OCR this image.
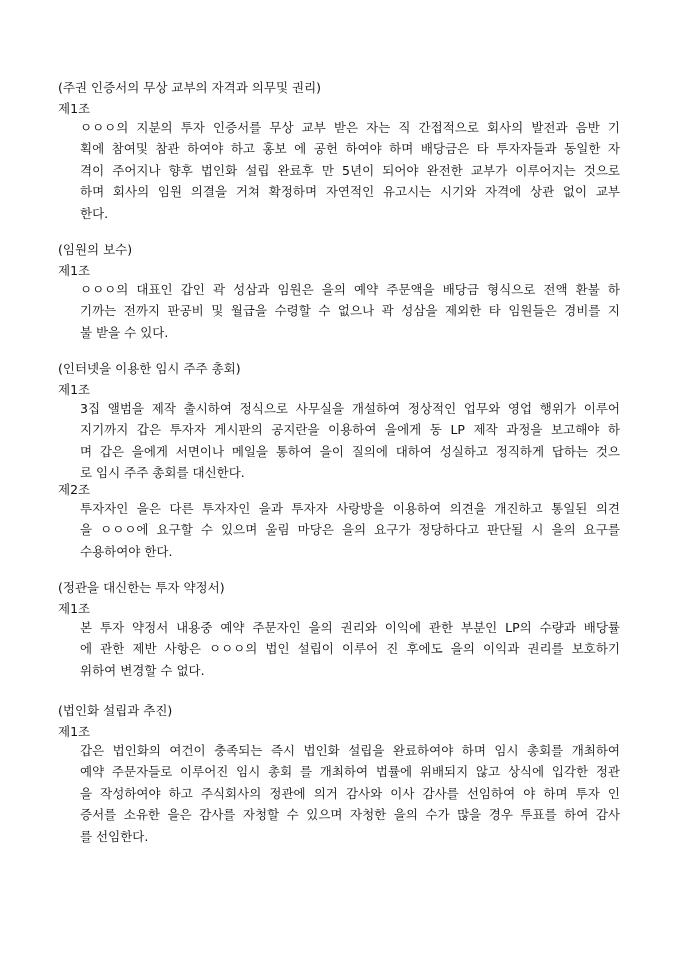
(주권 인증서의 무상 교부의 자격과 의무및 권리)
제1조

ㅇㅇㅇ의 지분의 투자 인증서를 무상 교부 받은 자는 직 간접적으로 회사의 발전과 음반 기
획에 참여및 참관 하여야 하고 홍보 에 공헌 하여야 하며 배당금은 타 투자자들과 동일한 자
격이 주어지나 향후 법인화 설립 완료후 만 5년이 되어야 완전한 교부가 이루어지는 것으로
하며 회사의 임원 의결을 거쳐 확정하며 자연적인 유고시는 시기와 자격에 상관 없이 교부
한다.

(임원의 보수)
제1조

ㅇㅇㅇ의 대표인 갑인 곽 성삼과 임원은 을의 예약 주문액을 배당금 형식으로 전액 환불 하
기까는 전까지 판공비 및 월급을 수령할 수 없으나 곽 성삼을 제외한 타 임원들은 경비를 지
불 받을 수 있다.

(인터넷을 이용한 임시 주주 총회)
제1조

3집 앨범을 제작 출시하여 정식으로 사무실을 개설하여 정상적인 업무와 영업 행위가 이루어
지기까지 갑은 투자자 게시판의 공지란을 이용하여 을에게 동 LP 제작 과정을 보고해야 하
며 갑은 을에게 서면이나 메일을 통하여 을이 질의에 대하여 성실하고 정직하게 답하는 것으
로 임시 주주 총회를 대신한다.

제2조

투자자인 을은 다른 투자자인 을과 투자자 사랑방을 이용하여 의견을 개진하고 통일된 의견
을 ㅇㅇㅇ에 요구할 수 있으며 울림 마당은 을의 요구가 정당하다고 판단될 시 을의 요구를
수용하여야 한다.

(정관을 대신한는 투자 약정서)
제1조

본 투자 약정서 내용중 예약 주문자인 을의 권리와 이익에 관한 부분인 LP의 수량과 배당률
에 관한 제반 사항은 ㅇㅇㅇ의 법인 설립이 이루어 진 후에도 을의 이익과 권리를 보호하기
위하여 변경할 수 없다.

(법인화 설립과 추진)
제1조

갑은 법인화의 여건이 충족되는 즉시 법인화 설립을 완료하여야 하며 임시 총회를 개최하여
예약 주문자들로 이루어진 임시 총회 를 개최하여 법률에 위배되지 않고 상식에 입각한 정관
을 작성하여야 하고 주식회사의 정관에 의거 감사와 이사 감사를 선임하여 야 하며 투자 인
증서를 소유한 을은 감사를 자청할 수 있으며 자청한 을의 수가 많을 경우 투표를 하여 감사
를 선임한다.
